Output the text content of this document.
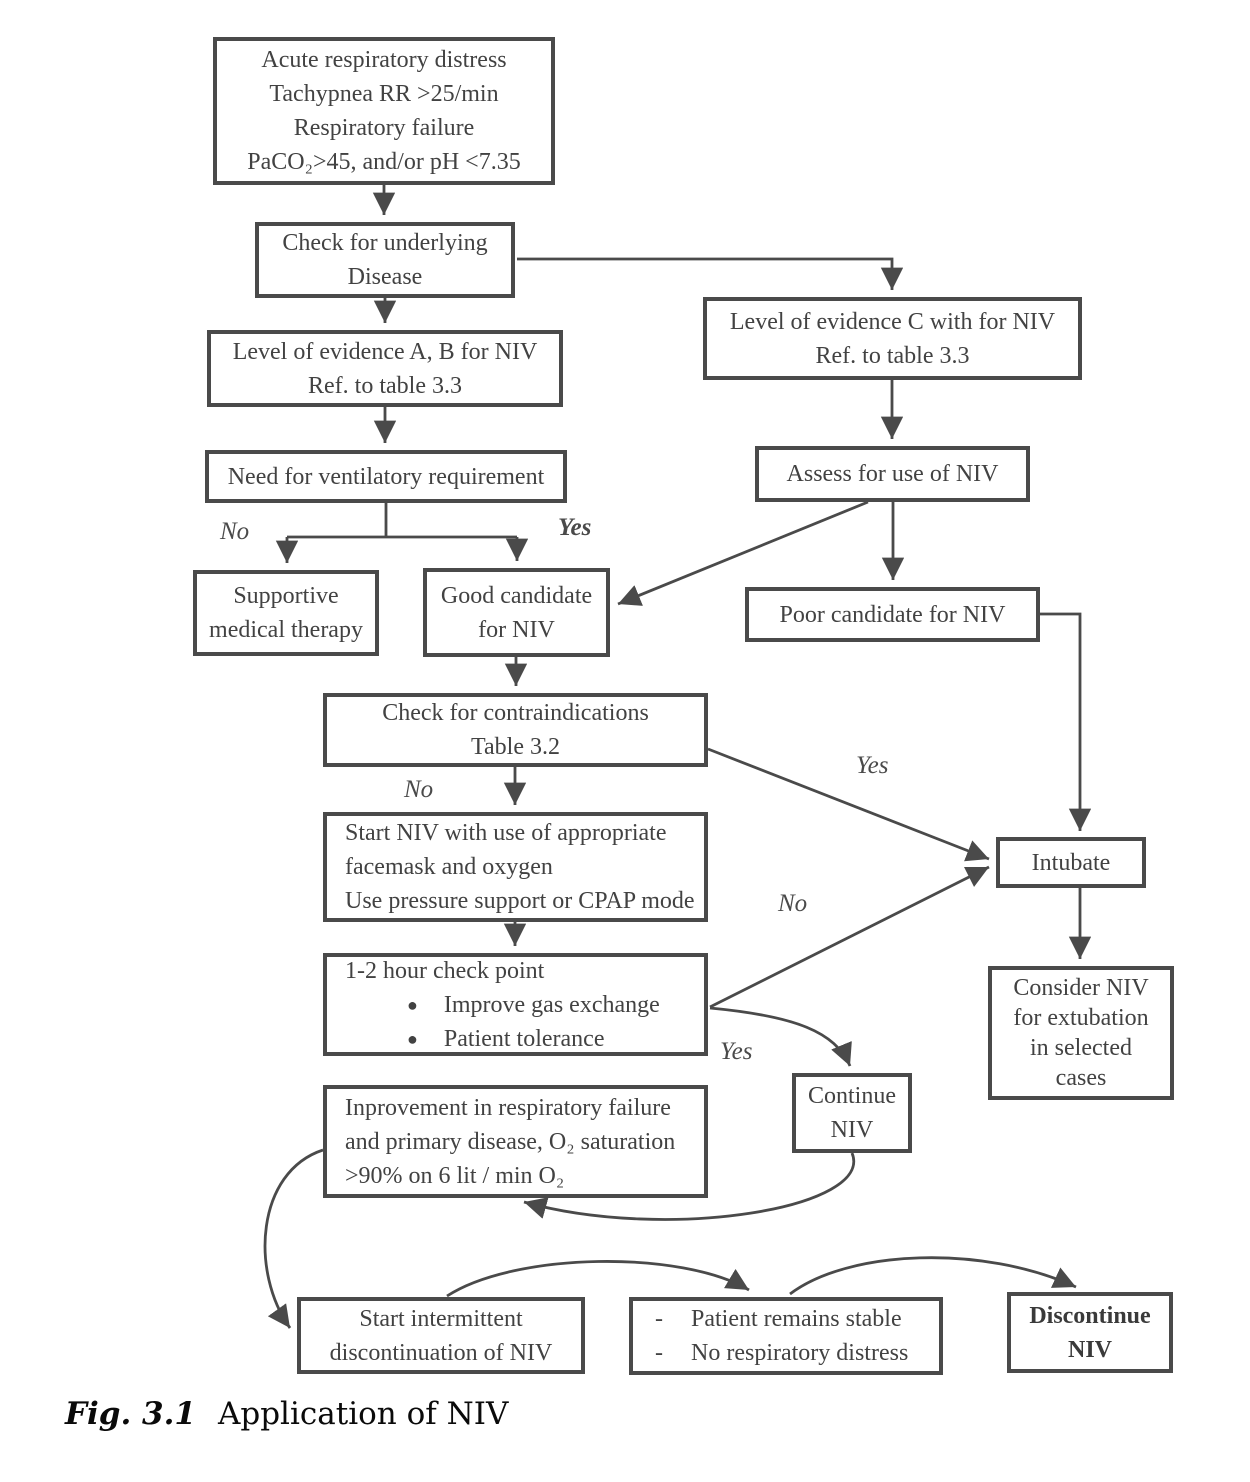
Acute respiratory distress
Tachypnea RR >25/min
Respiratory failure
PaCO₂>45, and/or pH <7.35
Check for underlying
Disease
Level of evidence A, B for NIV
Ref. to table 3.3
Level of evidence C with for NIV
Ref. to table 3.3
Need for ventilatory requirement	Assess for use of NIV
Supportive
medical therapy
Good candidate
for NIV
Poor candidate for NIV
Check for contraindications
Table 3.2
Start NIV with use of appropriate
facemask and oxygen
Use pressure support or CPAP mode
1-2 hour check point
● Improve gas exchange
● Patient tolerance
Intubate
Consider NIV
for extubation
in selected
cases
Continue
NIV
Inprovement in respiratory failure
and primary disease, O₂ saturation
>90% on 6 lit / min O₂
Start intermittent
discontinuation of NIV
-	Patient remains stable
-	No respiratory distress
Discontinue
NIV
No	Yes
No
Yes
No
Yes
Fig. 3.1 Application of NIV
